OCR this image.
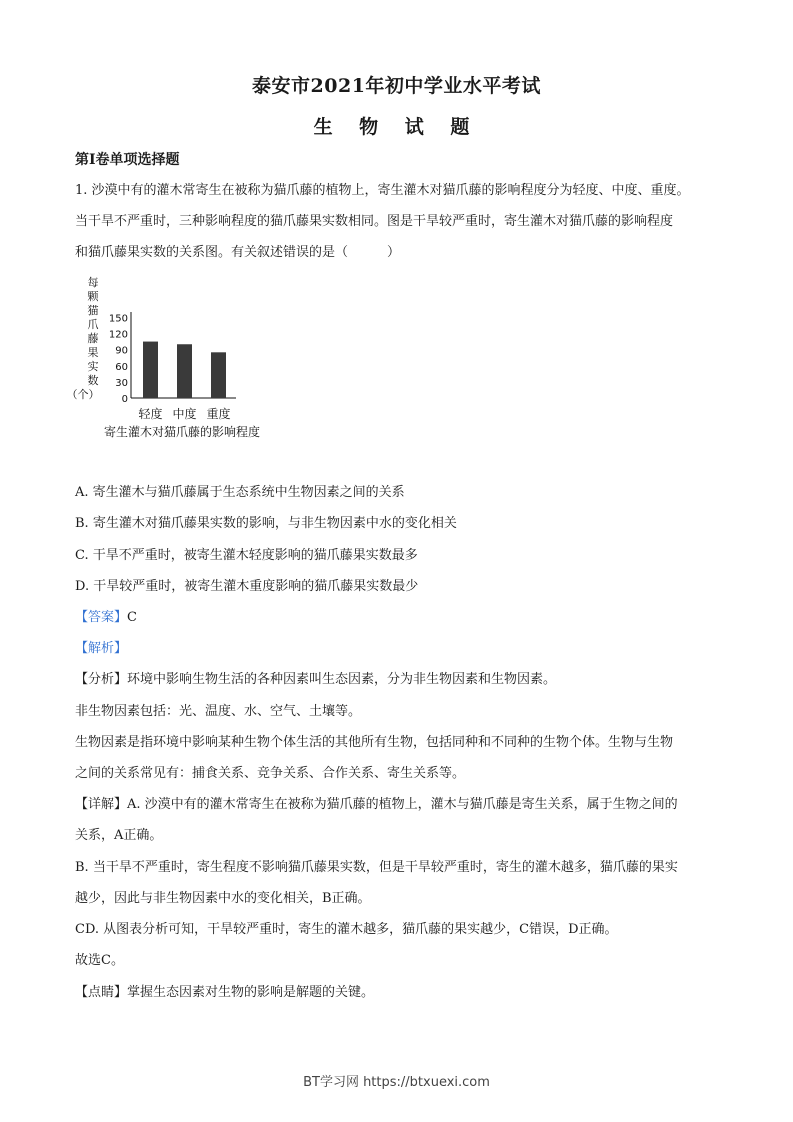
泰安市2021年初中学业水平考试
生 物 试 题
第I卷单项选择题
1. 沙漠中有的灌木常寄生在被称为猫爪藤的植物上，寄生灌木对猫爪藤的影响程度分为轻度、中度、重度。
当干旱不严重时，三种影响程度的猫爪藤果实数相同。图是干旱较严重时，寄生灌木对猫爪藤的影响程度
和猫爪藤果实数的关系图。有关叙述错误的是（　　　）
每
颗
猫
爪
藤
果
实
数
（个） 0
30
60
90
120
150
轻度 中度 重度
寄生灌木对猫爪藤的影响程度
A. 寄生灌木与猫爪藤属于生态系统中生物因素之间的关系
B. 寄生灌木对猫爪藤果实数的影响，与非生物因素中水的变化相关
C. 干旱不严重时，被寄生灌木轻度影响的猫爪藤果实数最多
D. 干旱较严重时，被寄生灌木重度影响的猫爪藤果实数最少
【答案】C
【解析】
【分析】环境中影响生物生活的各种因素叫生态因素，分为非生物因素和生物因素。
非生物因素包括：光、温度、水、空气、土壤等。
生物因素是指环境中影响某种生物个体生活的其他所有生物，包括同种和不同种的生物个体。生物与生物
之间的关系常见有：捕食关系、竞争关系、合作关系、寄生关系等。
【详解】A. 沙漠中有的灌木常寄生在被称为猫爪藤的植物上，灌木与猫爪藤是寄生关系，属于生物之间的
关系，A正确。
B. 当干旱不严重时，寄生程度不影响猫爪藤果实数，但是干旱较严重时，寄生的灌木越多，猫爪藤的果实
越少，因此与非生物因素中水的变化相关，B正确。
CD. 从图表分析可知，干旱较严重时，寄生的灌木越多，猫爪藤的果实越少，C错误，D正确。
故选C。
【点睛】掌握生态因素对生物的影响是解题的关键。
BT学习网 https://btxuexi.com
